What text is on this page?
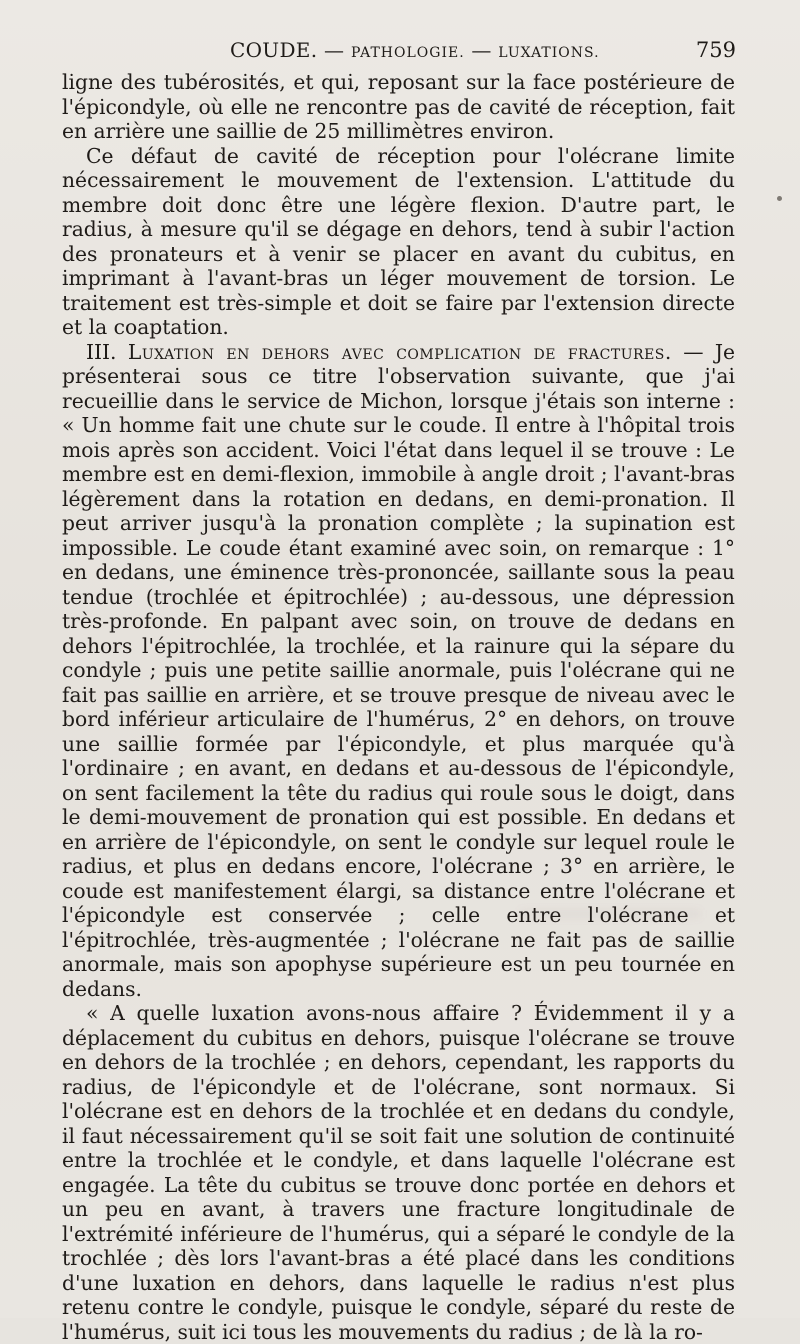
COUDE. — PATHOLOGIE. — LUXATIONS.	759

ligne des tubérosités, et qui, reposant sur la face postérieure de l'épicondyle, où elle ne rencontre pas de cavité de réception, fait en arrière une saillie de 25 millimètres environ.

Ce défaut de cavité de réception pour l'olécrane limite nécessairement le mouvement de l'extension. L'attitude du membre doit donc être une légère flexion. D'autre part, le radius, à mesure qu'il se dégage en dehors, tend à subir l'action des pronateurs et à venir se placer en avant du cubitus, en imprimant à l'avant-bras un léger mouvement de torsion. Le traitement est très-simple et doit se faire par l'extension directe et la coaptation.

III. Luxation en dehors avec complication de fractures. — Je présenterai sous ce titre l'observation suivante, que j'ai recueillie dans le service de Michon, lorsque j'étais son interne : « Un homme fait une chute sur le coude. Il entre à l'hôpital trois mois après son accident. Voici l'état dans lequel il se trouve : Le membre est en demi-flexion, immobile à angle droit ; l'avant-bras légèrement dans la rotation en dedans, en demi-pronation. Il peut arriver jusqu'à la pronation complète ; la supination est impossible. Le coude étant examiné avec soin, on remarque : 1° en dedans, une éminence très-prononcée, saillante sous la peau tendue (trochlée et épitrochlée) ; au-dessous, une dépression très-profonde. En palpant avec soin, on trouve de dedans en dehors l'épitrochlée, la trochlée, et la rainure qui la sépare du condyle ; puis une petite saillie anormale, puis l'olécrane qui ne fait pas saillie en arrière, et se trouve presque de niveau avec le bord inférieur articulaire de l'humérus, 2° en dehors, on trouve une saillie formée par l'épicondyle, et plus marquée qu'à l'ordinaire ; en avant, en dedans et au-dessous de l'épicondyle, on sent facilement la tête du radius qui roule sous le doigt, dans le demi-mouvement de pronation qui est possible. En dedans et en arrière de l'épicondyle, on sent le condyle sur lequel roule le radius, et plus en dedans encore, l'olécrane ; 3° en arrière, le coude est manifestement élargi, sa distance entre l'olécrane et l'épicondyle est conservée ; celle entre l'olécrane et l'épitrochlée, très-augmentée ; l'olécrane ne fait pas de saillie anormale, mais son apophyse supérieure est un peu tournée en dedans.

« A quelle luxation avons-nous affaire ? Évidemment il y a déplacement du cubitus en dehors, puisque l'olécrane se trouve en dehors de la trochlée ; en dehors, cependant, les rapports du radius, de l'épicondyle et de l'olécrane, sont normaux. Si l'olécrane est en dehors de la trochlée et en dedans du condyle, il faut nécessairement qu'il se soit fait une solution de continuité entre la trochlée et le condyle, et dans laquelle l'olécrane est engagée. La tête du cubitus se trouve donc portée en dehors et un peu en avant, à travers une fracture longitudinale de l'extrémité inférieure de l'humérus, qui a séparé le condyle de la trochlée ; dès lors l'avant-bras a été placé dans les conditions d'une luxation en dehors, dans laquelle le radius n'est plus retenu contre le condyle, puisque le condyle, séparé du reste de l'humérus, suit ici tous les mouvements du radius ; de là la ro-
